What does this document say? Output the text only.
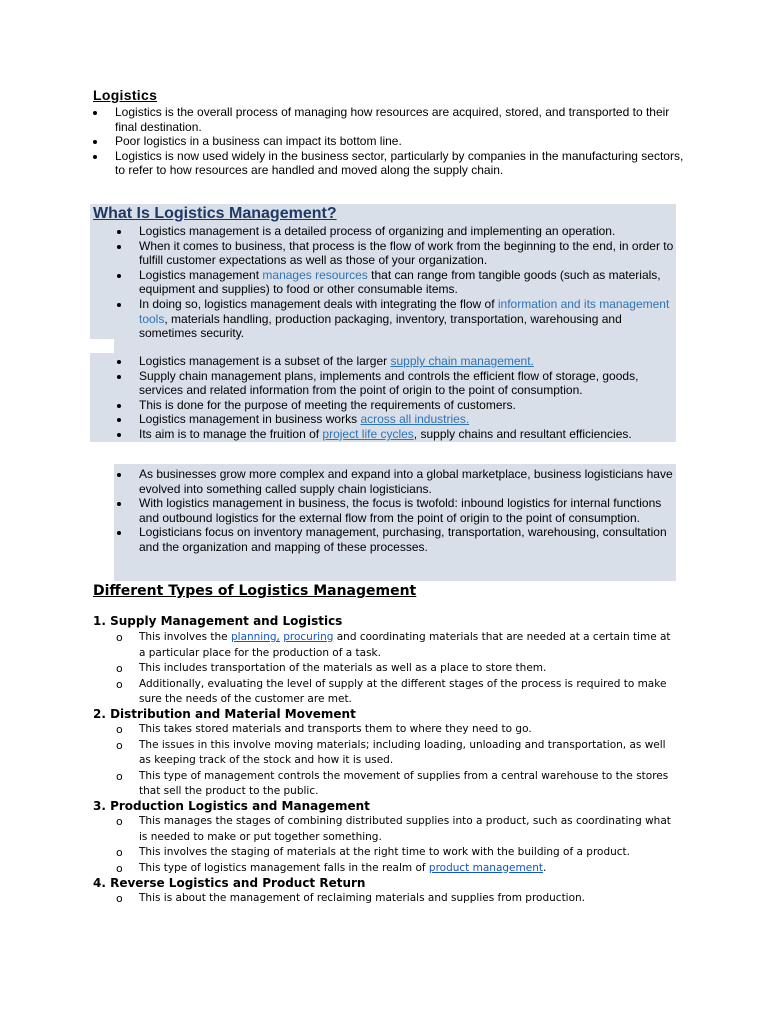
Logistics
Logistics is the overall process of managing how resources are acquired, stored, and transported to their final destination.
Poor logistics in a business can impact its bottom line.
Logistics is now used widely in the business sector, particularly by companies in the manufacturing sectors, to refer to how resources are handled and moved along the supply chain.
What Is Logistics Management?
Logistics management is a detailed process of organizing and implementing an operation.
When it comes to business, that process is the flow of work from the beginning to the end, in order to fulfill customer expectations as well as those of your organization.
Logistics management manages resources that can range from tangible goods (such as materials, equipment and supplies) to food or other consumable items.
In doing so, logistics management deals with integrating the flow of information and its management tools, materials handling, production packaging, inventory, transportation, warehousing and sometimes security.
Logistics management is a subset of the larger supply chain management.
Supply chain management plans, implements and controls the efficient flow of storage, goods, services and related information from the point of origin to the point of consumption.
This is done for the purpose of meeting the requirements of customers.
Logistics management in business works across all industries.
Its aim is to manage the fruition of project life cycles, supply chains and resultant efficiencies.
As businesses grow more complex and expand into a global marketplace, business logisticians have evolved into something called supply chain logisticians.
With logistics management in business, the focus is twofold: inbound logistics for internal functions and outbound logistics for the external flow from the point of origin to the point of consumption.
Logisticians focus on inventory management, purchasing, transportation, warehousing, consultation and the organization and mapping of these processes.
Different Types of Logistics Management
1. Supply Management and Logistics
o This involves the planning, procuring and coordinating materials that are needed at a certain time at a particular place for the production of a task.
o This includes transportation of the materials as well as a place to store them.
o Additionally, evaluating the level of supply at the different stages of the process is required to make sure the needs of the customer are met.
2. Distribution and Material Movement
o This takes stored materials and transports them to where they need to go.
o The issues in this involve moving materials; including loading, unloading and transportation, as well as keeping track of the stock and how it is used.
o This type of management controls the movement of supplies from a central warehouse to the stores that sell the product to the public.
3. Production Logistics and Management
o This manages the stages of combining distributed supplies into a product, such as coordinating what is needed to make or put together something.
o This involves the staging of materials at the right time to work with the building of a product.
o This type of logistics management falls in the realm of product management.
4. Reverse Logistics and Product Return
o This is about the management of reclaiming materials and supplies from production.
